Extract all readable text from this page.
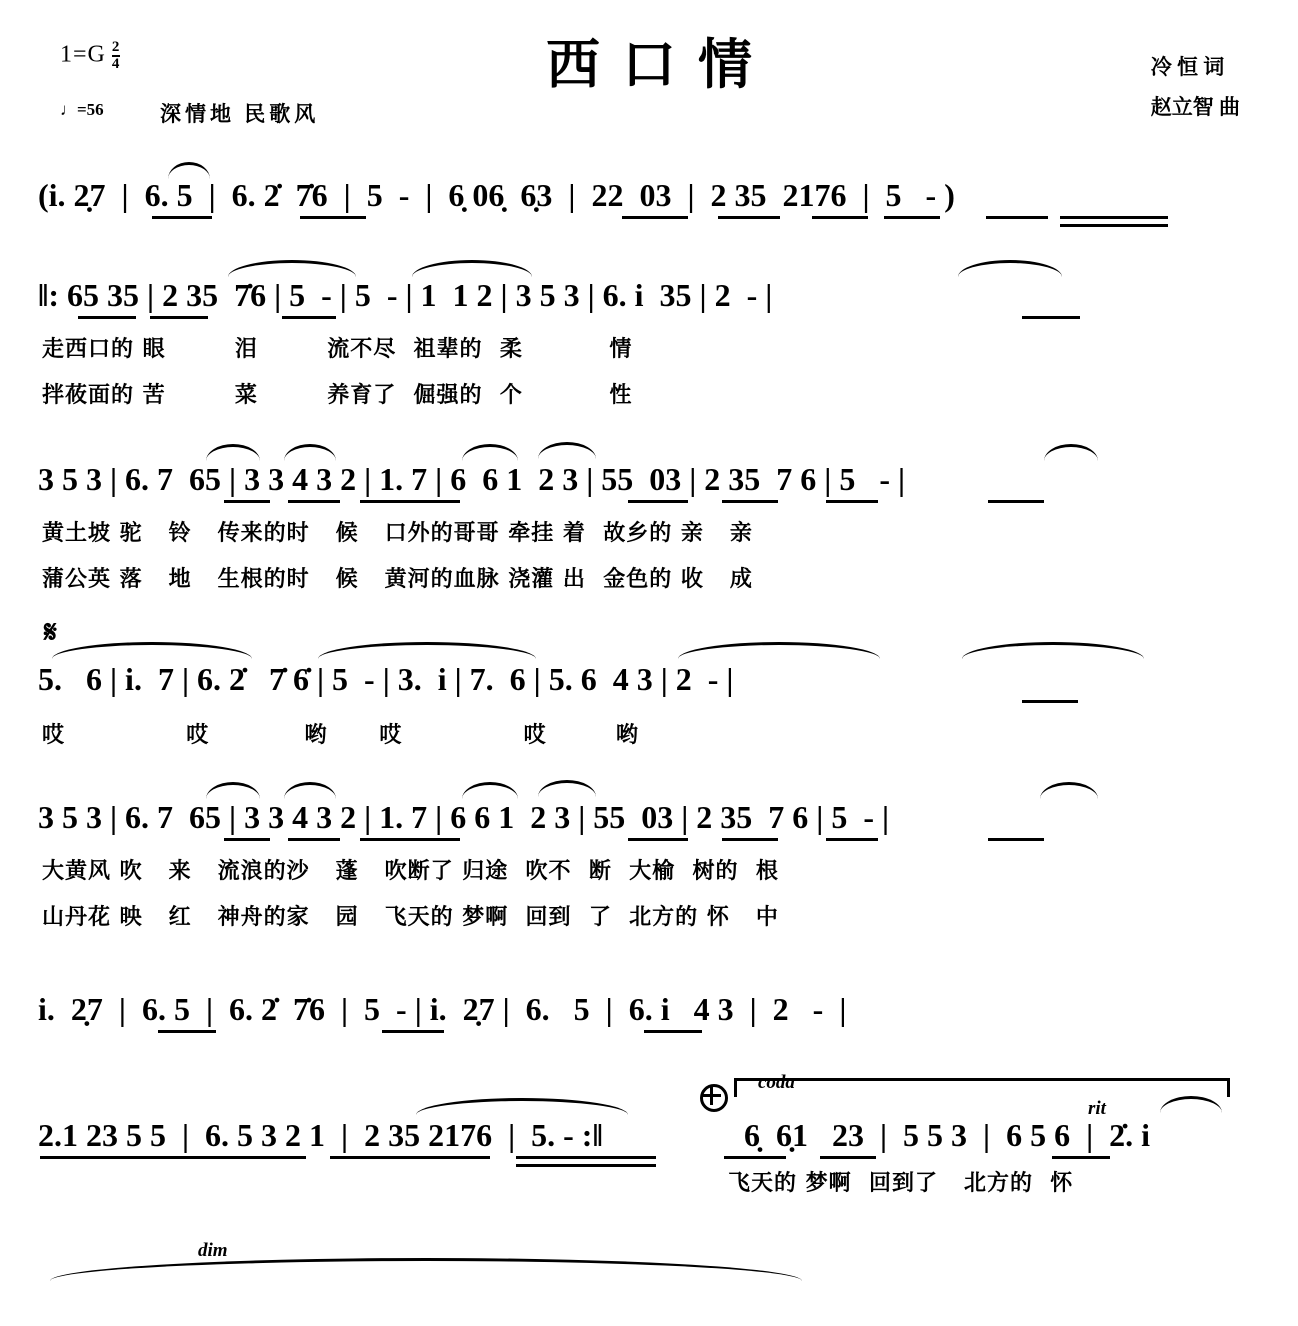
$1=G \frac{2}{4}$
♩=56	深情地 民歌风
西口情	冷 恒 词
赵立智 曲
(i. 2̣7  |  6. 5  |  6. 2̇  7̇6  |  5  -  |  6̣ 06̣  6̣3  |  22  03  |  2 35  2176  |  5   - )
‖: 65 35 | 2 35  7̇6 | 5  - | 5  - | 1  1 2 | 3 5 3 | 6. i  35 | 2  - |
走西口的 眼        泪        流不尽  祖辈的  柔          情
拌莜面的 苦        菜        养育了  倔强的  个          性
3 5 3 | 6. 7  65 | 3 3 4 3 2 | 1. 7 | 6  6 1  2 3 | 55  03 | 2 35  7 6 | 5   - |
黄土坡 驼   铃   传来的时   候   口外的哥哥 牵挂 着  故乡的 亲   亲
蒲公英 落   地   生根的时   候   黄河的血脉 浇灌 出  金色的 收   成
𝄋
5.   6 | i.  7 | 6. 2̇   7̇ 6̇ | 5  - | 3.  i | 7.  6 | 5. 6  4 3 | 2  - |
哎              哎           哟      哎              哎        哟
3 5 3 | 6. 7  65 | 3 3 4 3 2 | 1. 7 | 6 6 1  2 3 | 55  03 | 2 35  7 6 | 5  - |
大黄风 吹   来   流浪的沙   蓬   吹断了 归途  吹不  断  大榆  树的  根
山丹花 映   红   神舟的家   园   飞天的 梦啊  回到  了  北方的 怀   中
i.  2̣7  |  6. 5  |  6. 2̇  7̇6  |  5  - | i.  2̣7 |  6.   5  |  6. i   4 3  |  2   -  |
coda
rit
2.1 23 5 5  |  6. 5 3 2 1  |  2 35 2176  |  5. - :‖	6̣  6̣1   23  |  5 5 3  |  6 5 6  |  2̇. i
飞天的 梦啊  回到了   北方的  怀
dim
